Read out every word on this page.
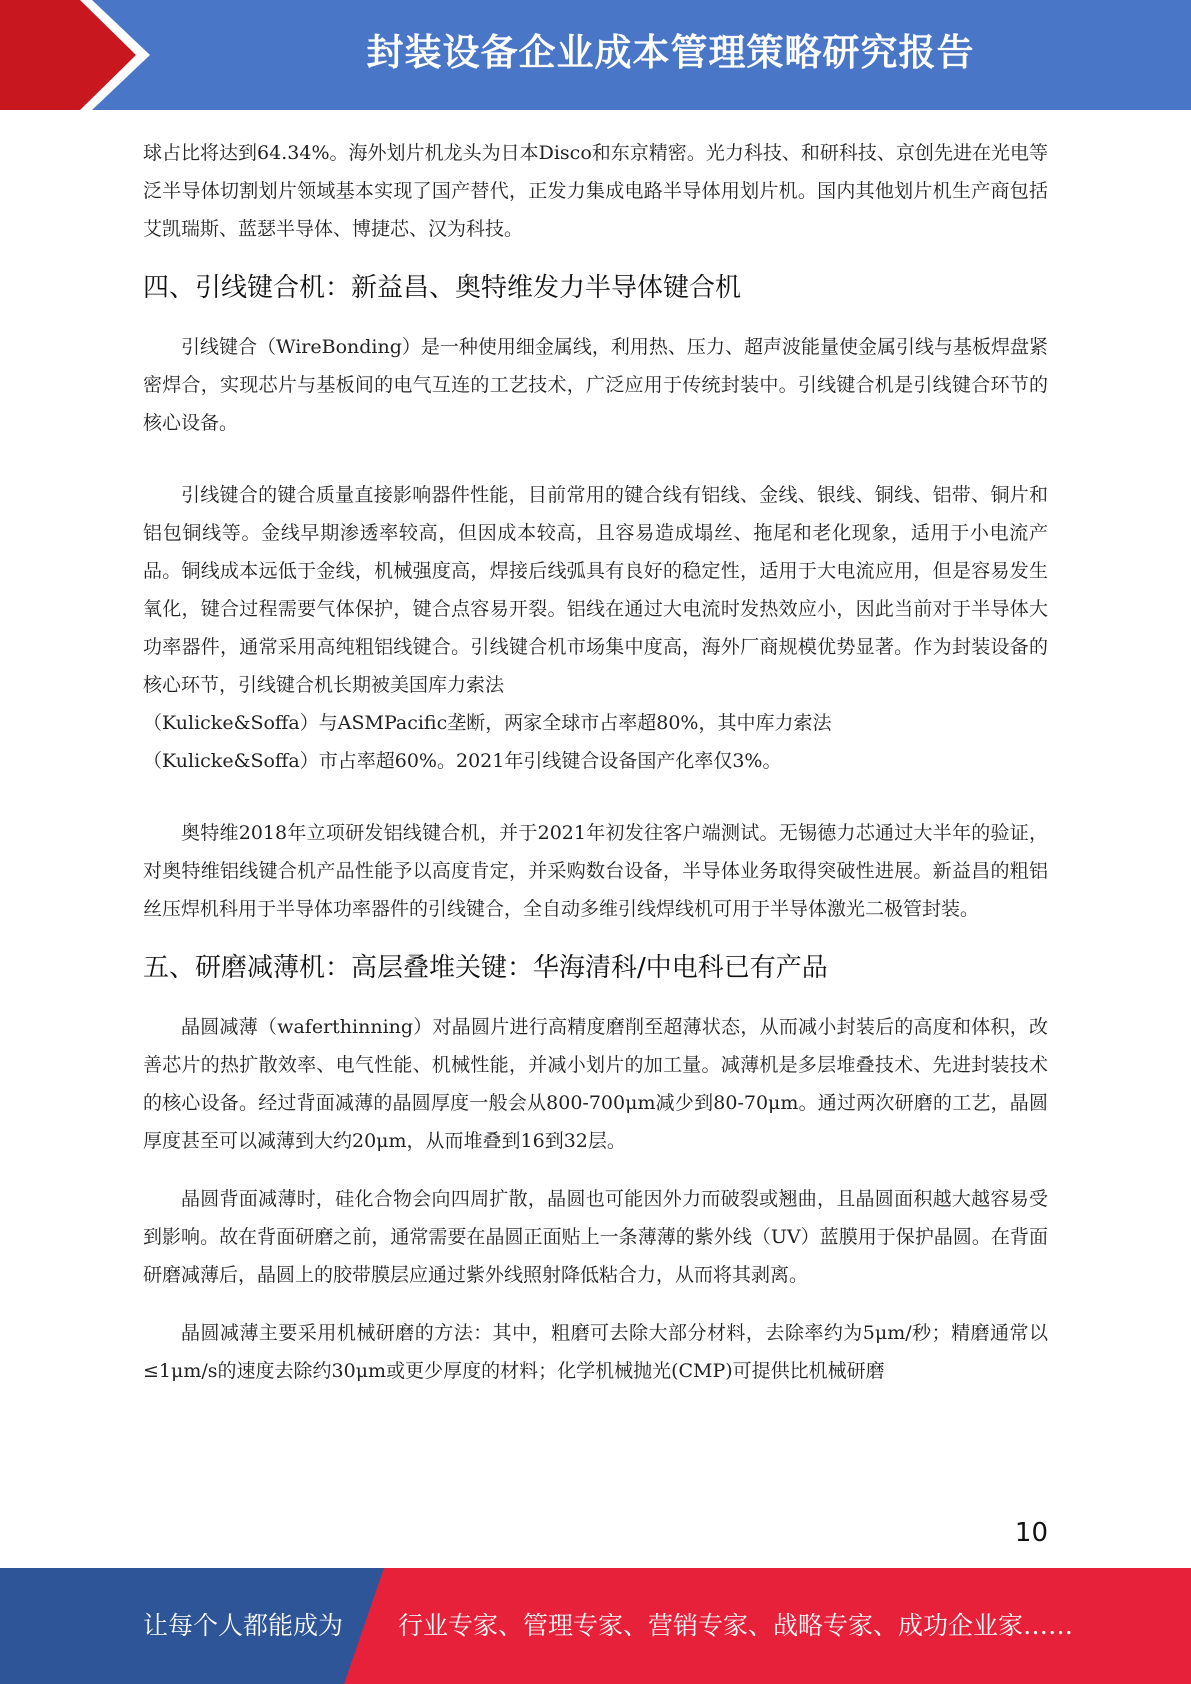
封装设备企业成本管理策略研究报告

球占比将达到64.34%。海外划片机龙头为日本Disco和东京精密。光力科技、和研科技、京创先进在光电等泛半导体切割划片领域基本实现了国产替代，正发力集成电路半导体用划片机。国内其他划片机生产商包括艾凯瑞斯、蓝瑟半导体、博捷芯、汉为科技。

四、引线键合机：新益昌、奥特维发力半导体键合机

引线键合（WireBonding）是一种使用细金属线，利用热、压力、超声波能量使金属引线与基板焊盘紧密焊合，实现芯片与基板间的电气互连的工艺技术，广泛应用于传统封装中。引线键合机是引线键合环节的核心设备。

引线键合的键合质量直接影响器件性能，目前常用的键合线有铝线、金线、银线、铜线、铝带、铜片和铝包铜线等。金线早期渗透率较高，但因成本较高，且容易造成塌丝、拖尾和老化现象，适用于小电流产品。铜线成本远低于金线，机械强度高，焊接后线弧具有良好的稳定性，适用于大电流应用，但是容易发生氧化，键合过程需要气体保护，键合点容易开裂。铝线在通过大电流时发热效应小，因此当前对于半导体大功率器件，通常采用高纯粗铝线键合。引线键合机市场集中度高，海外厂商规模优势显著。作为封装设备的核心环节，引线键合机长期被美国库力索法

（Kulicke&Soffa）与ASMPacific垄断，两家全球市占率超80%，其中库力索法

（Kulicke&Soffa）市占率超60%。2021年引线键合设备国产化率仅3%。

奥特维2018年立项研发铝线键合机，并于2021年初发往客户端测试。无锡德力芯通过大半年的验证，对奥特维铝线键合机产品性能予以高度肯定，并采购数台设备，半导体业务取得突破性进展。新益昌的粗铝丝压焊机科用于半导体功率器件的引线键合，全自动多维引线焊线机可用于半导体激光二极管封装。

五、研磨减薄机：高层叠堆关键：华海清科/中电科已有产品

晶圆减薄（waferthinning）对晶圆片进行高精度磨削至超薄状态，从而减小封装后的高度和体积，改善芯片的热扩散效率、电气性能、机械性能，并减小划片的加工量。减薄机是多层堆叠技术、先进封装技术的核心设备。经过背面减薄的晶圆厚度一般会从800-700μm减少到80-70μm。通过两次研磨的工艺，晶圆厚度甚至可以减薄到大约20μm，从而堆叠到16到32层。

晶圆背面减薄时，硅化合物会向四周扩散，晶圆也可能因外力而破裂或翘曲，且晶圆面积越大越容易受到影响。故在背面研磨之前，通常需要在晶圆正面贴上一条薄薄的紫外线（UV）蓝膜用于保护晶圆。在背面研磨减薄后，晶圆上的胶带膜层应通过紫外线照射降低粘合力，从而将其剥离。

晶圆减薄主要采用机械研磨的方法：其中，粗磨可去除大部分材料，去除率约为5μm/秒；精磨通常以≤1μm/s的速度去除约30μm或更少厚度的材料；化学机械抛光(CMP)可提供比机械研磨

10
让每个人都能成为 行业专家、管理专家、营销专家、战略专家、成功企业家……
